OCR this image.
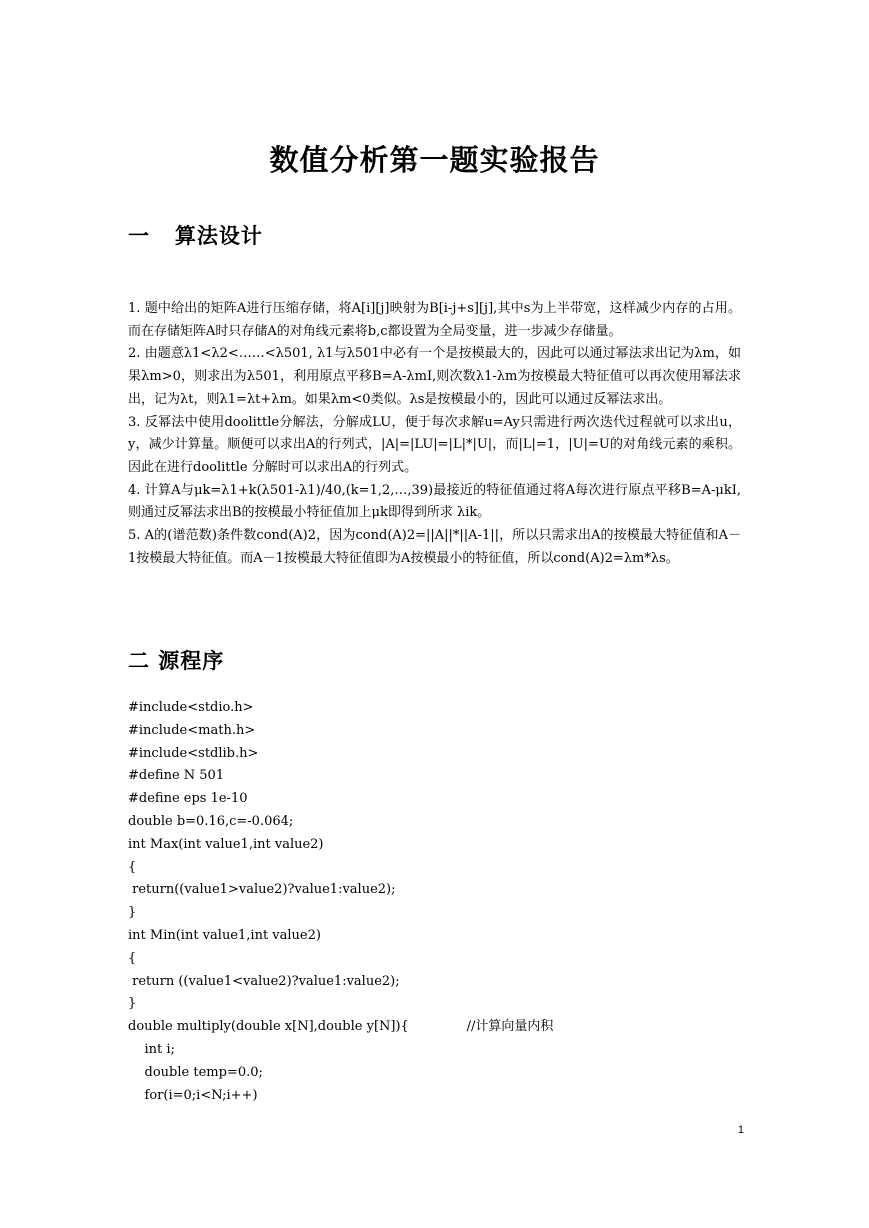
数值分析第一题实验报告
一   算法设计

1. 题中给出的矩阵A进行压缩存储，将A[i][j]映射为B[i-j+s][j],其中s为上半带宽，这样减少内存的占用。而在存储矩阵A时只存储A的对角线元素将b,c都设置为全局变量，进一步减少存储量。

2. 由题意λ1<λ2<……<λ501, λ1与λ501中必有一个是按模最大的，因此可以通过幂法求出记为λm，如果λm>0，则求出为λ501，利用原点平移B=A-λmI,则次数λ1-λm为按模最大特征值可以再次使用幂法求出，记为λt，则λ1=λt+λm。如果λm<0类似。λs是按模最小的，因此可以通过反幂法求出。

3. 反幂法中使用doolittle分解法，分解成LU，便于每次求解u=Ay只需进行两次迭代过程就可以求出u，y，减少计算量。顺便可以求出A的行列式，|A|=|LU|=|L|*|U|，而|L|=1，|U|=U的对角线元素的乘积。因此在进行doolittle 分解时可以求出A的行列式。

4. 计算A与μk=λ1+k(λ501-λ1)/40,(k=1,2,…,39)最接近的特征值通过将A每次进行原点平移B=A-μkI,则通过反幂法求出B的按模最小特征值加上μk即得到所求 λik。

5. A的(谱范数)条件数cond(A)2，因为cond(A)2=||A||*||A-1||，所以只需求出A的按模最大特征值和A－1按模最大特征值。而A－1按模最大特征值即为A按模最小的特征值，所以cond(A)2=λm*λs。

二 源程序
#include<stdio.h>
#include<math.h>
#include<stdlib.h>
#define N 501
#define eps 1e-10
double b=0.16,c=-0.064;
int Max(int value1,int value2)
{
return((value1>value2)?value1:value2);
}
int Min(int value1,int value2)
{
return ((value1<value2)?value1:value2);
}
double multiply(double x[N],double y[N]){              //计算向量内积
int i;
double temp=0.0;
for(i=0;i<N;i++)
1
